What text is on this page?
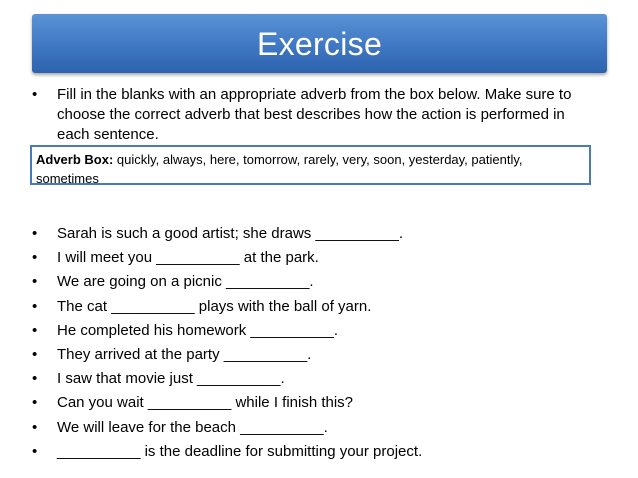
Exercise
•	Fill in the blanks with an appropriate adverb from the box below. Make sure to choose the correct adverb that best describes how the action is performed in each sentence.
Adverb Box: quickly, always, here, tomorrow, rarely, very, soon, yesterday, patiently, sometimes
•	Sarah is such a good artist; she draws __________.
•	I will meet you __________ at the park.
•	We are going on a picnic __________.
•	The cat __________ plays with the ball of yarn.
•	He completed his homework __________.
•	They arrived at the party __________.
•	I saw that movie just __________.
•	Can you wait __________ while I finish this?
•	We will leave for the beach __________.
•	__________ is the deadline for submitting your project.
